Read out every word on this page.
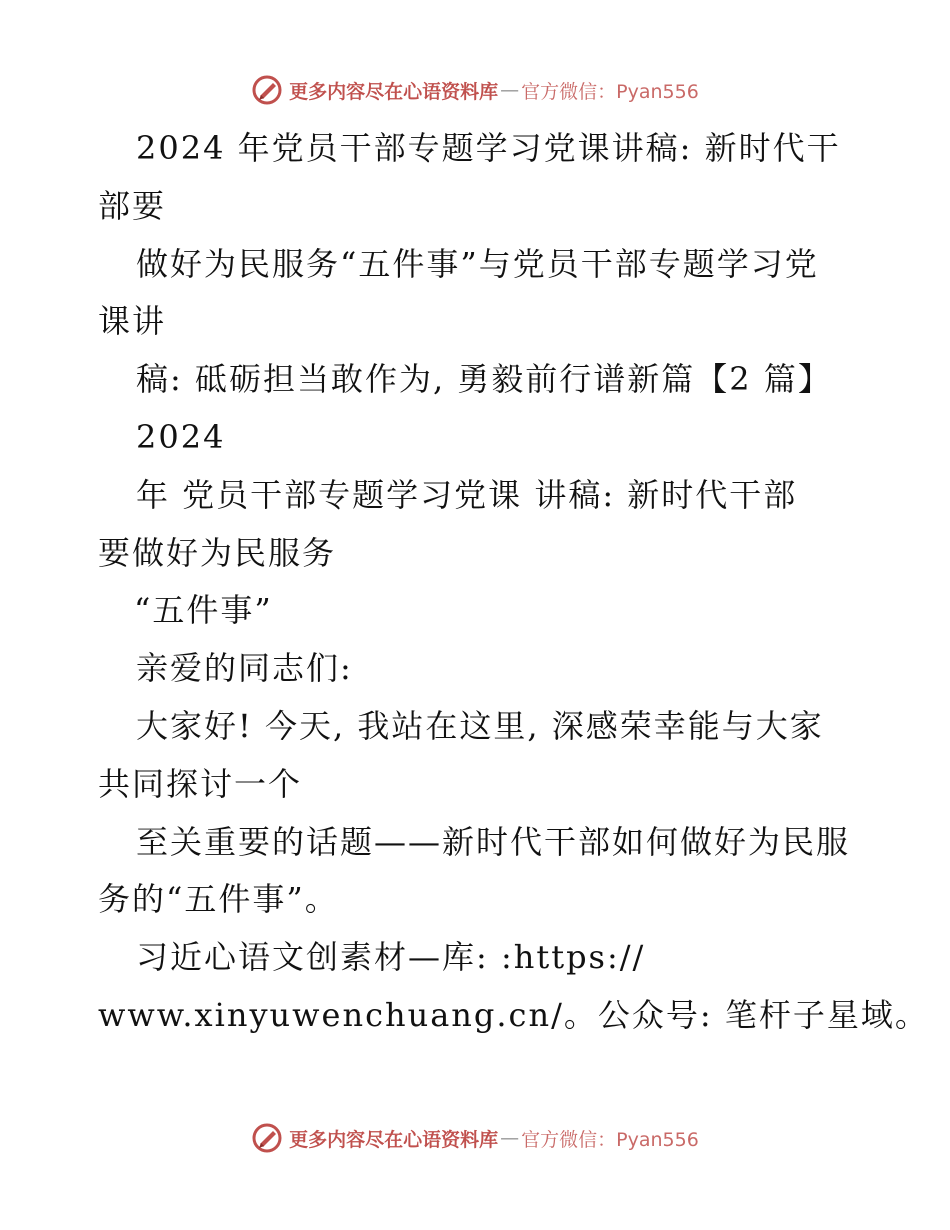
更多内容尽在心语资料库 — 官方微信：Pyan556
2024 年党员干部专题学习党课讲稿: 新时代干
部要
做好为民服务“五件事”与党员干部专题学习党
课讲
稿: 砥砺担当敢作为, 勇毅前行谱新篇【2 篇】
2024
年 党员干部专题学习党课 讲稿: 新时代干部
要做好为民服务
“五件事”
亲爱的同志们:
大家好! 今天, 我站在这里, 深感荣幸能与大家
共同探讨一个
至关重要的话题——新时代干部如何做好为民服
务的“五件事”。
习近心语文创素材—库: :https://
www.xinyuwenchuang.cn/。公众号: 笔杆子星域。
更多内容尽在心语资料库 — 官方微信：Pyan556
